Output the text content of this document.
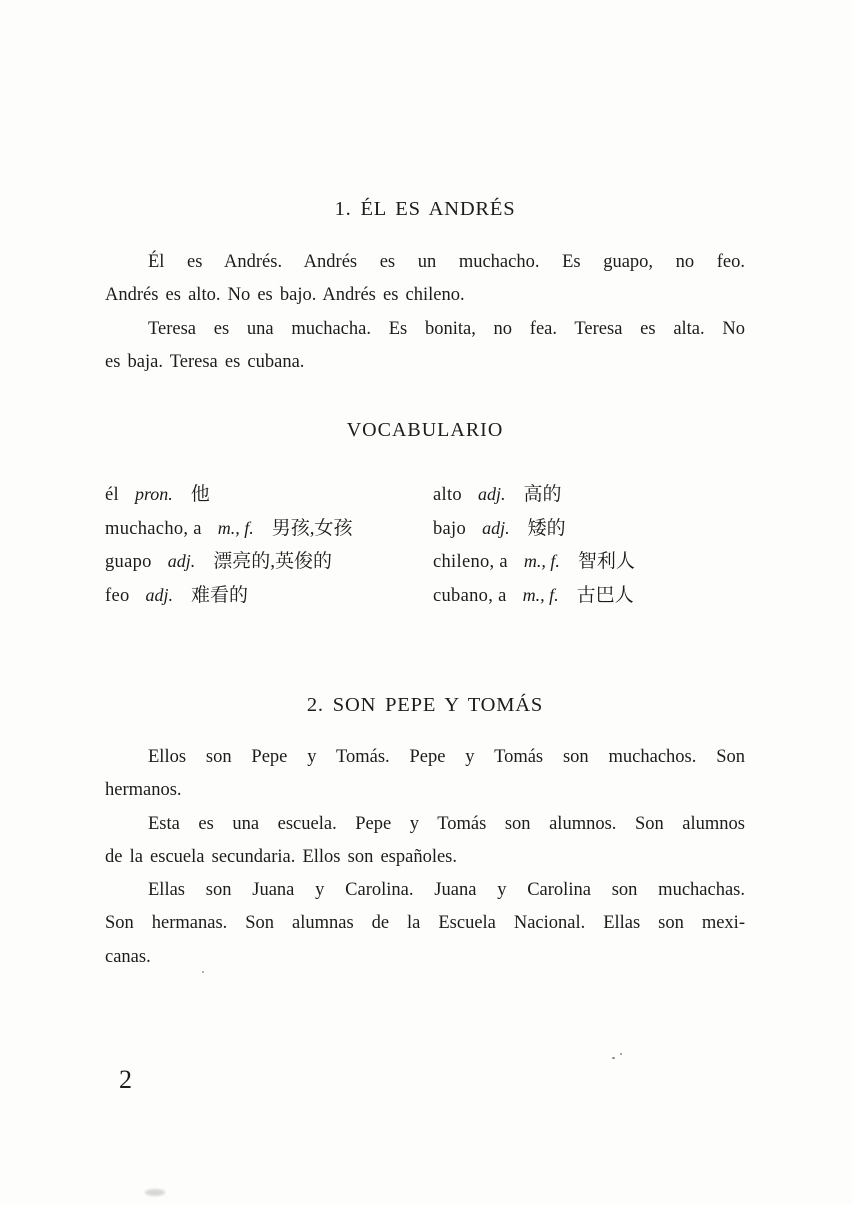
1. ÉL ES ANDRÉS
Él es Andrés. Andrés es un muchacho. Es guapo, no feo.
Andrés es alto. No es bajo. Andrés es chileno.
Teresa es una muchacha. Es bonita, no fea. Teresa es alta. No
es baja. Teresa es cubana.
VOCABULARIO
él pron. 他
muchacho, a m., f. 男孩,女孩
guapo adj. 漂亮的,英俊的
feo adj. 难看的
alto adj. 高的
bajo adj. 矮的
chileno, a m., f. 智利人
cubano, a m., f. 古巴人
2. SON PEPE Y TOMÁS
Ellos son Pepe y Tomás. Pepe y Tomás son muchachos. Son
hermanos.
Esta es una escuela. Pepe y Tomás son alumnos. Son alumnos
de la escuela secundaria. Ellos son españoles.
Ellas son Juana y Carolina. Juana y Carolina son muchachas.
Son hermanas. Son alumnas de la Escuela Nacional. Ellas son mexi-
canas.
2
